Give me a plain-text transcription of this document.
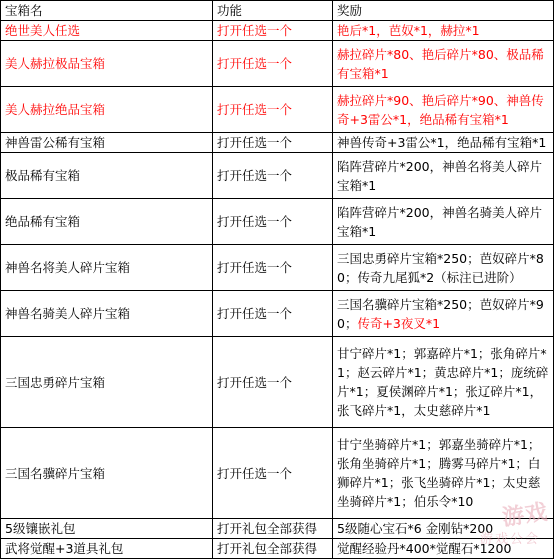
宝箱名	功能	奖励
绝世美人任选	打开任选一个	艳后*1，芭奴*1，赫拉*1
美人赫拉极品宝箱	打开任选一个	赫拉碎片*80、艳后碎片*80、极品稀有宝箱*1
美人赫拉绝品宝箱	打开任选一个	赫拉碎片*90、艳后碎片*90、神兽传奇+3雷公*1，绝品稀有宝箱*1
神兽雷公稀有宝箱	打开任选一个	神兽传奇+3雷公*1，绝品稀有宝箱*1
极品稀有宝箱	打开任选一个	陷阵营碎片*200，神兽名将美人碎片宝箱*1
绝品稀有宝箱	打开任选一个	陷阵营碎片*200，神兽名骑美人碎片宝箱*1
神兽名将美人碎片宝箱	打开任选一个	三国忠勇碎片宝箱*250；芭奴碎片*80；传奇九尾狐*2（标注已进阶）
神兽名骑美人碎片宝箱	打开任选一个	三国名骥碎片宝箱*250；芭奴碎片*90；传奇+3夜叉*1
三国忠勇碎片宝箱	打开任选一个	甘宁碎片*1；郭嘉碎片*1；张角碎片*1；赵云碎片*1；黄忠碎片*1；庞统碎片*1；夏侯渊碎片*1；张辽碎片*1，张飞碎片*1，太史慈碎片*1
三国名骥碎片宝箱	打开任选一个	甘宁坐骑碎片*1；郭嘉坐骑碎片*1；张角坐骑碎片*1；腾雾马碎片*1；白狮碎片*1；张飞坐骑碎片*1；太史慈坐骑碎片*1；伯乐令*10
5级镶嵌礼包	打开礼包全部获得	5级随心宝石*6 金刚钻*200
武将觉醒+3道具礼包	打开礼包全部获得	觉醒经验丹*400*觉醒石*1200
游戏
游戏公会
